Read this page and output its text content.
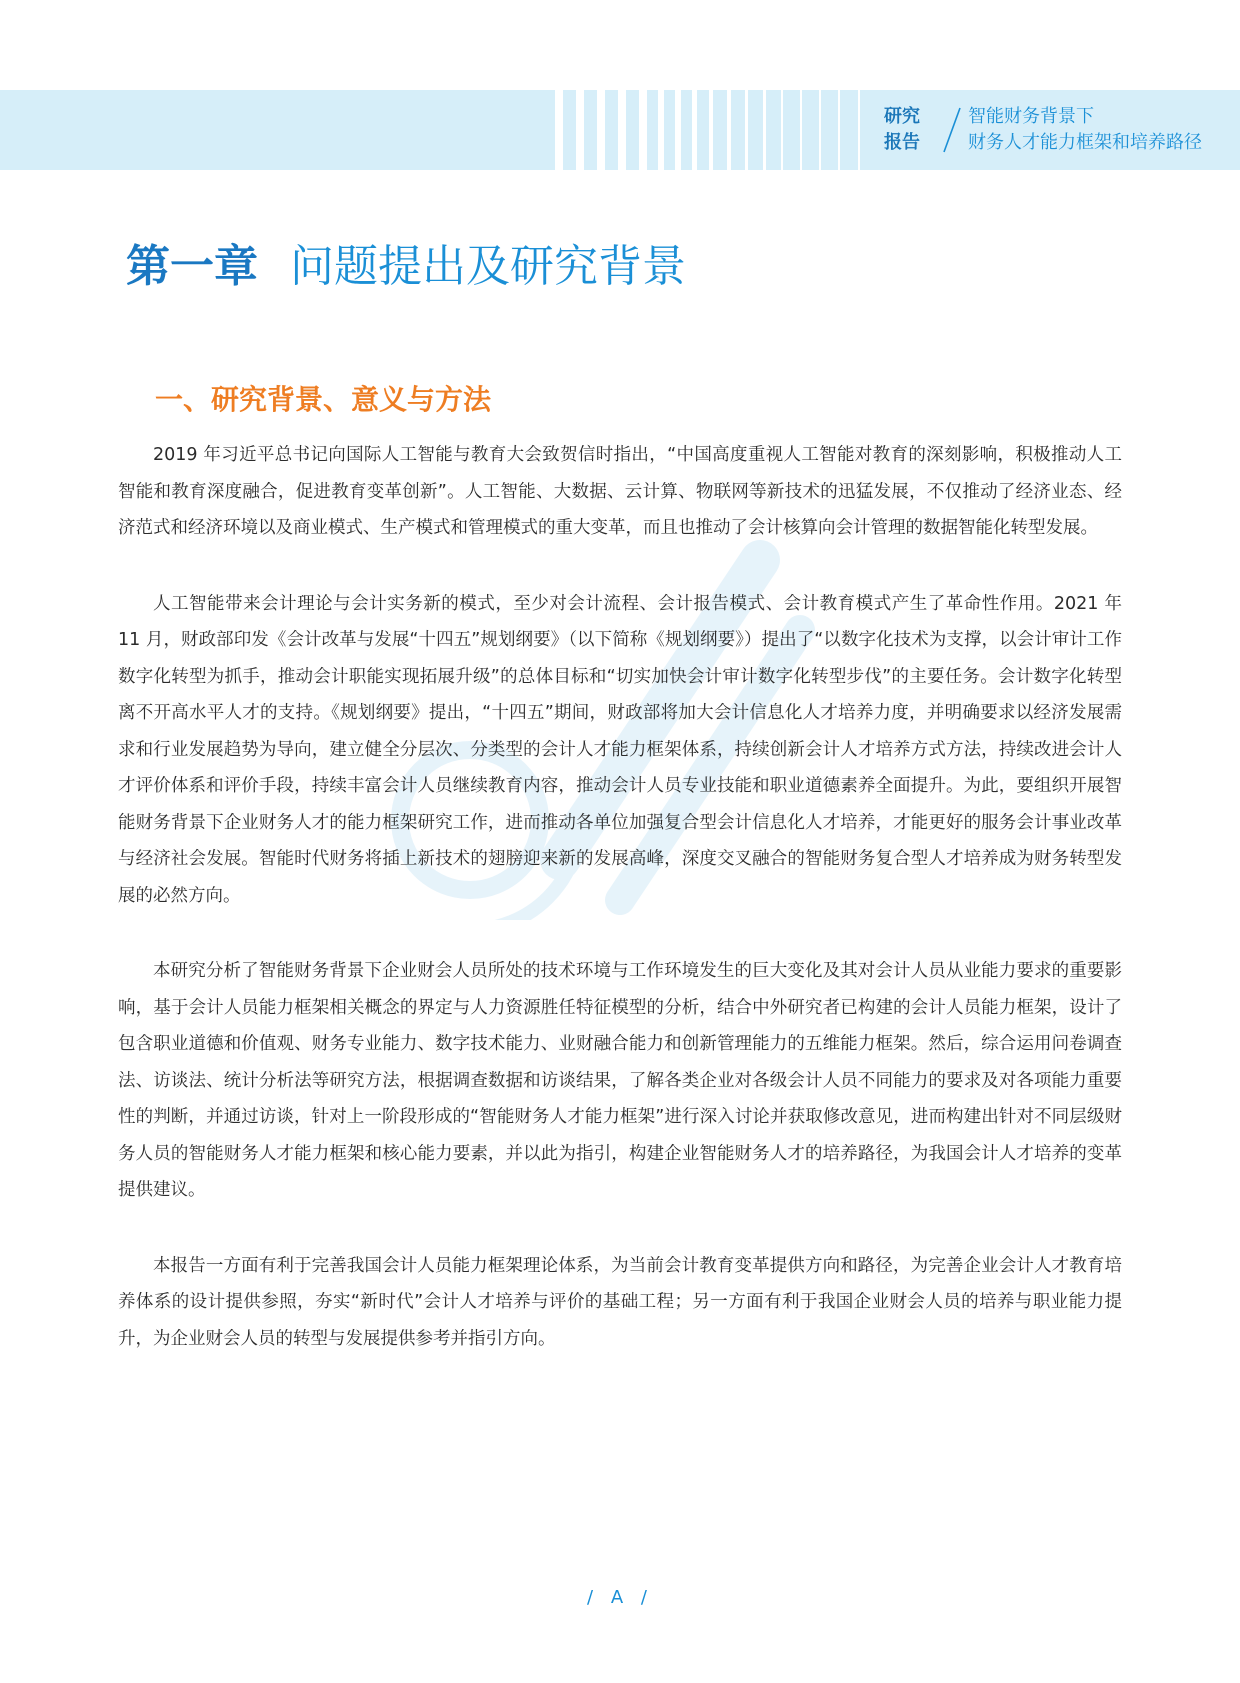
研究
报告
智能财务背景下
财务人才能力框架和培养路径
第一章 问题提出及研究背景
一、研究背景、意义与方法

2019 年习近平总书记向国际人工智能与教育大会致贺信时指出，“中国高度重视人工智能对教育的深刻影响，积极推动人工智能和教育深度融合，促进教育变革创新”。人工智能、大数据、云计算、物联网等新技术的迅猛发展，不仅推动了经济业态、经济范式和经济环境以及商业模式、生产模式和管理模式的重大变革，而且也推动了会计核算向会计管理的数据智能化转型发展。

人工智能带来会计理论与会计实务新的模式，至少对会计流程、会计报告模式、会计教育模式产生了革命性作用。2021 年 11 月，财政部印发《会计改革与发展“十四五”规划纲要》（以下简称《规划纲要》）提出了“以数字化技术为支撑，以会计审计工作数字化转型为抓手，推动会计职能实现拓展升级”的总体目标和“切实加快会计审计数字化转型步伐”的主要任务。会计数字化转型离不开高水平人才的支持。《规划纲要》提出，“十四五”期间，财政部将加大会计信息化人才培养力度，并明确要求以经济发展需求和行业发展趋势为导向，建立健全分层次、分类型的会计人才能力框架体系，持续创新会计人才培养方式方法，持续改进会计人才评价体系和评价手段，持续丰富会计人员继续教育内容，推动会计人员专业技能和职业道德素养全面提升。为此，要组织开展智能财务背景下企业财务人才的能力框架研究工作，进而推动各单位加强复合型会计信息化人才培养，才能更好的服务会计事业改革与经济社会发展。智能时代财务将插上新技术的翅膀迎来新的发展高峰，深度交叉融合的智能财务复合型人才培养成为财务转型发展的必然方向。

本研究分析了智能财务背景下企业财会人员所处的技术环境与工作环境发生的巨大变化及其对会计人员从业能力要求的重要影响，基于会计人员能力框架相关概念的界定与人力资源胜任特征模型的分析，结合中外研究者已构建的会计人员能力框架，设计了包含职业道德和价值观、财务专业能力、数字技术能力、业财融合能力和创新管理能力的五维能力框架。然后，综合运用问卷调查法、访谈法、统计分析法等研究方法，根据调查数据和访谈结果，了解各类企业对各级会计人员不同能力的要求及对各项能力重要性的判断，并通过访谈，针对上一阶段形成的“智能财务人才能力框架”进行深入讨论并获取修改意见，进而构建出针对不同层级财务人员的智能财务人才能力框架和核心能力要素，并以此为指引，构建企业智能财务人才的培养路径，为我国会计人才培养的变革提供建议。

本报告一方面有利于完善我国会计人员能力框架理论体系，为当前会计教育变革提供方向和路径，为完善企业会计人才教育培养体系的设计提供参照，夯实“新时代”会计人才培养与评价的基础工程；另一方面有利于我国企业财会人员的培养与职业能力提升，为企业财会人员的转型与发展提供参考并指引方向。

/ A /
